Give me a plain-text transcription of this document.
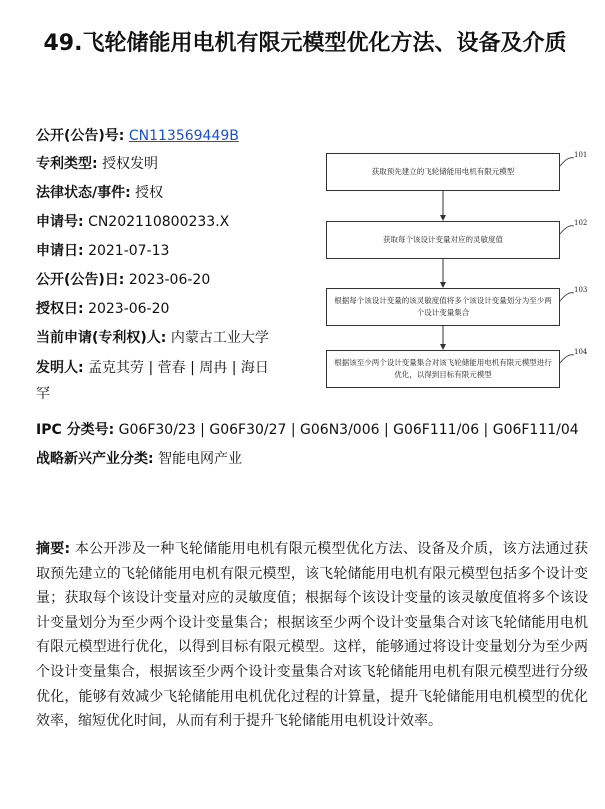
49.飞轮储能用电机有限元模型优化方法、设备及介质
公开(公告)号: CN113569449B
专利类型: 授权发明
法律状态/事件: 授权
申请号: CN202110800233.X
申请日: 2021-07-13
公开(公告)日: 2023-06-20
授权日: 2023-06-20
当前申请(专利权)人: 内蒙古工业大学
发明人: 孟克其劳 | 菅春 | 周冉 | 海日罕
IPC 分类号: G06F30/23 | G06F30/27 | G06N3/006 | G06F111/06 | G06F111/04
战略新兴产业分类: 智能电网产业
获取预先建立的飞轮储能用电机有限元模型
101
获取每个该设计变量对应的灵敏度值
102
根据每个该设计变量的该灵敏度值将多个该设计变量划分为至少两个设计变量集合
103
根据该至少两个设计变量集合对该飞轮储能用电机有限元模型进行优化，以得到目标有限元模型
104
摘要: 本公开涉及一种飞轮储能用电机有限元模型优化方法、设备及介质，该方法通过获取预先建立的飞轮储能用电机有限元模型，该飞轮储能用电机有限元模型包括多个设计变量；获取每个该设计变量对应的灵敏度值；根据每个该设计变量的该灵敏度值将多个该设计变量划分为至少两个设计变量集合；根据该至少两个设计变量集合对该飞轮储能用电机有限元模型进行优化，以得到目标有限元模型。这样，能够通过将设计变量划分为至少两个设计变量集合，根据该至少两个设计变量集合对该飞轮储能用电机有限元模型进行分级优化，能够有效减少飞轮储能用电机优化过程的计算量，提升飞轮储能用电机模型的优化效率，缩短优化时间，从而有利于提升飞轮储能用电机设计效率。
